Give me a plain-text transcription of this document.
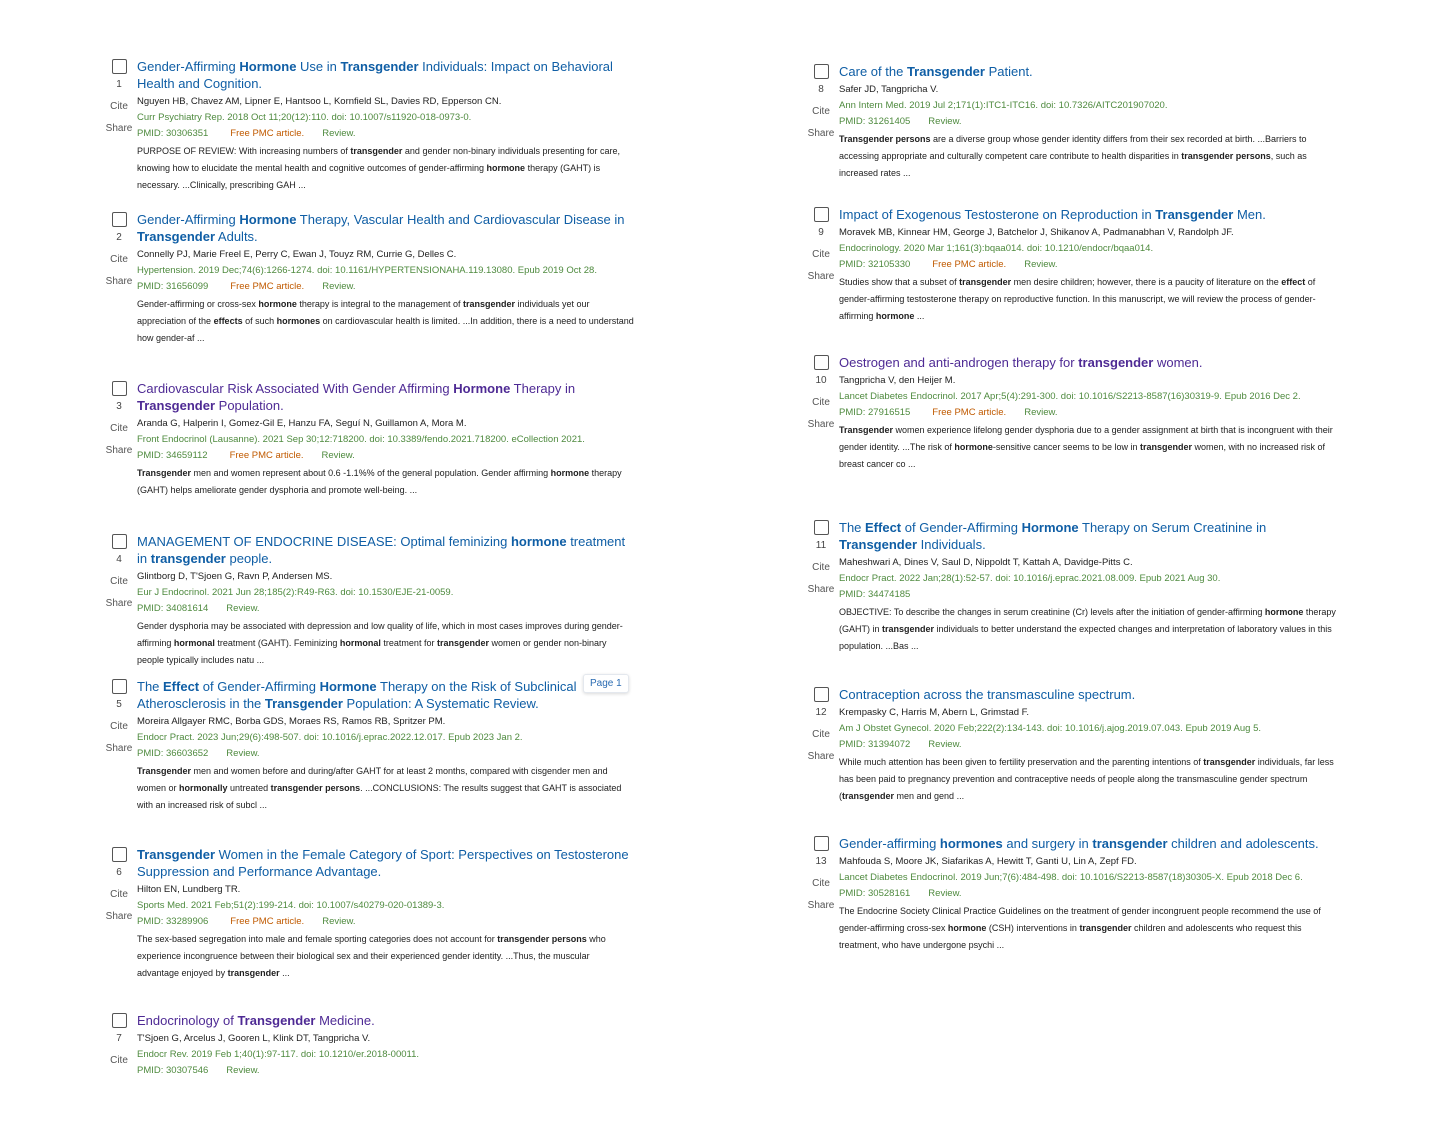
1
Cite
Share
Gender-Affirming Hormone Use in Transgender Individuals: Impact on Behavioral Health and Cognition.
Nguyen HB, Chavez AM, Lipner E, Hantsoo L, Kornfield SL, Davies RD, Epperson CN.
Curr Psychiatry Rep. 2018 Oct 11;20(12):110. doi: 10.1007/s11920-018-0973-0.
PMID: 30306351 Free PMC article. Review.
PURPOSE OF REVIEW: With increasing numbers of transgender and gender non-binary individuals presenting for care, knowing how to elucidate the mental health and cognitive outcomes of gender-affirming hormone therapy (GAHT) is necessary. ...Clinically, prescribing GAH ...
2
Cite
Share
Gender-Affirming Hormone Therapy, Vascular Health and Cardiovascular Disease in Transgender Adults.
Connelly PJ, Marie Freel E, Perry C, Ewan J, Touyz RM, Currie G, Delles C.
Hypertension. 2019 Dec;74(6):1266-1274. doi: 10.1161/HYPERTENSIONAHA.119.13080. Epub 2019 Oct 28.
PMID: 31656099 Free PMC article. Review.
Gender-affirming or cross-sex hormone therapy is integral to the management of transgender individuals yet our appreciation of the effects of such hormones on cardiovascular health is limited. ...In addition, there is a need to understand how gender-af ...
3
Cite
Share
Cardiovascular Risk Associated With Gender Affirming Hormone Therapy in Transgender Population.
Aranda G, Halperin I, Gomez-Gil E, Hanzu FA, Seguí N, Guillamon A, Mora M.
Front Endocrinol (Lausanne). 2021 Sep 30;12:718200. doi: 10.3389/fendo.2021.718200. eCollection 2021.
PMID: 34659112 Free PMC article. Review.
Transgender men and women represent about 0.6 -1.1%% of the general population. Gender affirming hormone therapy (GAHT) helps ameliorate gender dysphoria and promote well-being. ...
4
Cite
Share
MANAGEMENT OF ENDOCRINE DISEASE: Optimal feminizing hormone treatment in transgender people.
Glintborg D, T'Sjoen G, Ravn P, Andersen MS.
Eur J Endocrinol. 2021 Jun 28;185(2):R49-R63. doi: 10.1530/EJE-21-0059.
PMID: 34081614 Review.
Gender dysphoria may be associated with depression and low quality of life, which in most cases improves during gender-affirming hormonal treatment (GAHT). Feminizing hormonal treatment for transgender women or gender non-binary people typically includes natu ...
5
Cite
Share
The Effect of Gender-Affirming Hormone Therapy on the Risk of Subclinical Atherosclerosis in the Transgender Population: A Systematic Review.
Moreira Allgayer RMC, Borba GDS, Moraes RS, Ramos RB, Spritzer PM.
Endocr Pract. 2023 Jun;29(6):498-507. doi: 10.1016/j.eprac.2022.12.017. Epub 2023 Jan 2.
PMID: 36603652 Review.
Transgender men and women before and during/after GAHT for at least 2 months, compared with cisgender men and women or hormonally untreated transgender persons. ...CONCLUSIONS: The results suggest that GAHT is associated with an increased risk of subcl ...
6
Cite
Share
Transgender Women in the Female Category of Sport: Perspectives on Testosterone Suppression and Performance Advantage.
Hilton EN, Lundberg TR.
Sports Med. 2021 Feb;51(2):199-214. doi: 10.1007/s40279-020-01389-3.
PMID: 33289906 Free PMC article. Review.
The sex-based segregation into male and female sporting categories does not account for transgender persons who experience incongruence between their biological sex and their experienced gender identity. ...Thus, the muscular advantage enjoyed by transgender ...
7
Cite
Endocrinology of Transgender Medicine.
T'Sjoen G, Arcelus J, Gooren L, Klink DT, Tangpricha V.
Endocr Rev. 2019 Feb 1;40(1):97-117. doi: 10.1210/er.2018-00011.
PMID: 30307546 Review.
8
Cite
Share
Care of the Transgender Patient.
Safer JD, Tangpricha V.
Ann Intern Med. 2019 Jul 2;171(1):ITC1-ITC16. doi: 10.7326/AITC201907020.
PMID: 31261405 Review.
Transgender persons are a diverse group whose gender identity differs from their sex recorded at birth. ...Barriers to accessing appropriate and culturally competent care contribute to health disparities in transgender persons, such as increased rates ...
9
Cite
Share
Impact of Exogenous Testosterone on Reproduction in Transgender Men.
Moravek MB, Kinnear HM, George J, Batchelor J, Shikanov A, Padmanabhan V, Randolph JF.
Endocrinology. 2020 Mar 1;161(3):bqaa014. doi: 10.1210/endocr/bqaa014.
PMID: 32105330 Free PMC article. Review.
Studies show that a subset of transgender men desire children; however, there is a paucity of literature on the effect of gender-affirming testosterone therapy on reproductive function. In this manuscript, we will review the process of gender-affirming hormone ...
10
Cite
Share
Oestrogen and anti-androgen therapy for transgender women.
Tangpricha V, den Heijer M.
Lancet Diabetes Endocrinol. 2017 Apr;5(4):291-300. doi: 10.1016/S2213-8587(16)30319-9. Epub 2016 Dec 2.
PMID: 27916515 Free PMC article. Review.
Transgender women experience lifelong gender dysphoria due to a gender assignment at birth that is incongruent with their gender identity. ...The risk of hormone-sensitive cancer seems to be low in transgender women, with no increased risk of breast cancer co ...
11
Cite
Share
The Effect of Gender-Affirming Hormone Therapy on Serum Creatinine in Transgender Individuals.
Maheshwari A, Dines V, Saul D, Nippoldt T, Kattah A, Davidge-Pitts C.
Endocr Pract. 2022 Jan;28(1):52-57. doi: 10.1016/j.eprac.2021.08.009. Epub 2021 Aug 30.
PMID: 34474185
OBJECTIVE: To describe the changes in serum creatinine (Cr) levels after the initiation of gender-affirming hormone therapy (GAHT) in transgender individuals to better understand the expected changes and interpretation of laboratory values in this population. ...Bas ...
12
Cite
Share
Contraception across the transmasculine spectrum.
Krempasky C, Harris M, Abern L, Grimstad F.
Am J Obstet Gynecol. 2020 Feb;222(2):134-143. doi: 10.1016/j.ajog.2019.07.043. Epub 2019 Aug 5.
PMID: 31394072 Review.
While much attention has been given to fertility preservation and the parenting intentions of transgender individuals, far less has been paid to pregnancy prevention and contraceptive needs of people along the transmasculine gender spectrum (transgender men and gend ...
13
Cite
Share
Gender-affirming hormones and surgery in transgender children and adolescents.
Mahfouda S, Moore JK, Siafarikas A, Hewitt T, Ganti U, Lin A, Zepf FD.
Lancet Diabetes Endocrinol. 2019 Jun;7(6):484-498. doi: 10.1016/S2213-8587(18)30305-X. Epub 2018 Dec 6.
PMID: 30528161 Review.
The Endocrine Society Clinical Practice Guidelines on the treatment of gender incongruent people recommend the use of gender-affirming cross-sex hormone (CSH) interventions in transgender children and adolescents who request this treatment, who have undergone psychi ...
Page 1
